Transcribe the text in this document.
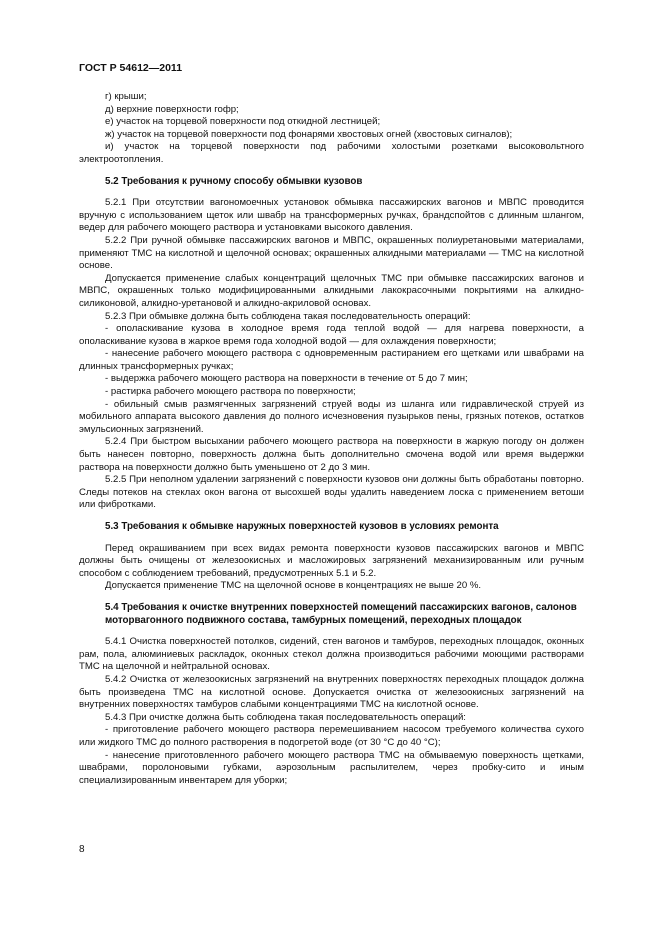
ГОСТ Р 54612—2011

г) крыши;

д) верхние поверхности гофр;

е) участок на торцевой поверхности под откидной лестницей;

ж) участок на торцевой поверхности под фонарями хвостовых огней (хвостовых сигналов);

и) участок на торцевой поверхности под рабочими холостыми розетками высоковольтного электроотопления.

5.2 Требования к ручному способу обмывки кузовов

5.2.1 При отсутствии вагономоечных установок обмывка пассажирских вагонов и МВПС проводится вручную с использованием щеток или швабр на трансформерных ручках, брандспойтов с длинным шлангом, ведер для рабочего моющего раствора и установками высокого давления.

5.2.2 При ручной обмывке пассажирских вагонов и МВПС, окрашенных полиуретановыми материалами, применяют ТМС на кислотной и щелочной основах; окрашенных алкидными материалами — ТМС на кислотной основе.

Допускается применение слабых концентраций щелочных ТМС при обмывке пассажирских вагонов и МВПС, окрашенных только модифицированными алкидными лакокрасочными покрытиями на алкидно-силиконовой, алкидно-уретановой и алкидно-акриловой основах.

5.2.3 При обмывке должна быть соблюдена такая последовательность операций:

- ополаскивание кузова в холодное время года теплой водой — для нагрева поверхности, а ополаскивание кузова в жаркое время года холодной водой — для охлаждения поверхности;

- нанесение рабочего моющего раствора с одновременным растиранием его щетками или швабрами на длинных трансформерных ручках;

- выдержка рабочего моющего раствора на поверхности в течение от 5 до 7 мин;

- растирка рабочего моющего раствора по поверхности;

- обильный смыв размягченных загрязнений струей воды из шланга или гидравлической струей из мобильного аппарата высокого давления до полного исчезновения пузырьков пены, грязных потеков, остатков эмульсионных загрязнений.

5.2.4 При быстром высыхании рабочего моющего раствора на поверхности в жаркую погоду он должен быть нанесен повторно, поверхность должна быть дополнительно смочена водой или время выдержки раствора на поверхности должно быть уменьшено от 2 до 3 мин.

5.2.5 При неполном удалении загрязнений с поверхности кузовов они должны быть обработаны повторно. Следы потеков на стеклах окон вагона от высохшей воды удалить наведением лоска с применением ветоши или фибротками.

5.3 Требования к обмывке наружных поверхностей кузовов в условиях ремонта

Перед окрашиванием при всех видах ремонта поверхности кузовов пассажирских вагонов и МВПС должны быть очищены от железоокисных и масложировых загрязнений механизированным или ручным способом с соблюдением требований, предусмотренных 5.1 и 5.2.

Допускается применение ТМС на щелочной основе в концентрациях не выше 20 %.

5.4 Требования к очистке внутренних поверхностей помещений пассажирских вагонов, салонов моторвагонного подвижного состава, тамбурных помещений, переходных площадок

5.4.1 Очистка поверхностей потолков, сидений, стен вагонов и тамбуров, переходных площадок, оконных рам, пола, алюминиевых раскладок, оконных стекол должна производиться рабочими моющими растворами ТМС на щелочной и нейтральной основах.

5.4.2 Очистка от железоокисных загрязнений на внутренних поверхностях переходных площадок должна быть произведена ТМС на кислотной основе. Допускается очистка от железоокисных загрязнений на внутренних поверхностях тамбуров слабыми концентрациями ТМС на кислотной основе.

5.4.3 При очистке должна быть соблюдена такая последовательность операций:

- приготовление рабочего моющего раствора перемешиванием насосом требуемого количества сухого или жидкого ТМС до полного растворения в подогретой воде (от 30 °С до 40 °С);

- нанесение приготовленного рабочего моющего раствора ТМС на обмываемую поверхность щетками, швабрами, поролоновыми губками, аэрозольным распылителем, через пробку-сито и иным специализированным инвентарем для уборки;

8
